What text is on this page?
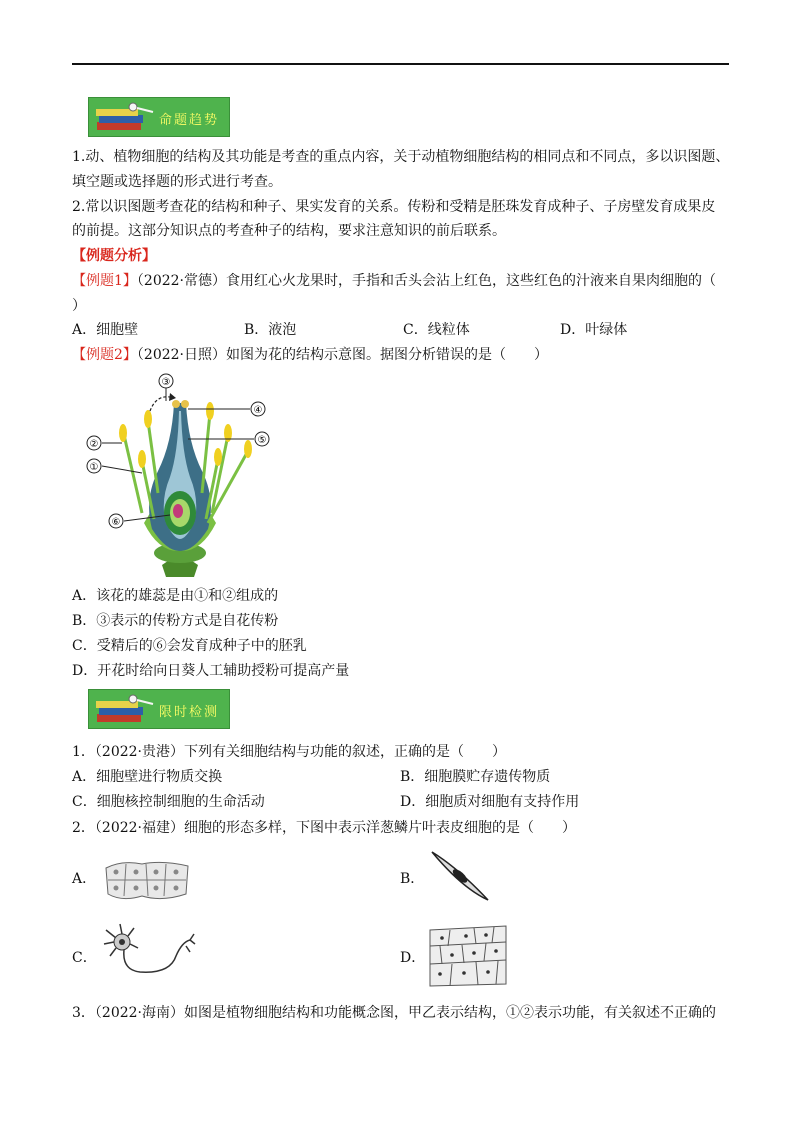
命题趋势
1.动、植物细胞的结构及其功能是考查的重点内容，关于动植物细胞结构的相同点和不同点，多以识图题、
填空题或选择题的形式进行考查。
2.常以识图题考查花的结构和种子、果实发育的关系。传粉和受精是胚珠发育成种子、子房壁发育成果皮
的前提。这部分知识点的考查种子的结构，要求注意知识的前后联系。
【例题分析】
【例题1】（2022·常德）食用红心火龙果时，手指和舌头会沾上红色，这些红色的汁液来自果肉细胞的（
）
A．细胞壁	B．液泡	C．线粒体	D．叶绿体
【例题2】（2022·日照）如图为花的结构示意图。据图分析错误的是（　　）
③
④
②	⑤
①
⑥
A．该花的雄蕊是由①和②组成的
B．③表示的传粉方式是自花传粉
C．受精后的⑥会发育成种子中的胚乳
D．开花时给向日葵人工辅助授粉可提高产量
限时检测
1．（2022·贵港）下列有关细胞结构与功能的叙述，正确的是（　　）
A．细胞壁进行物质交换	B．细胞膜贮存遗传物质
C．细胞核控制细胞的生命活动	D．细胞质对细胞有支持作用
2．（2022·福建）细胞的形态多样，下图中表示洋葱鳞片叶表皮细胞的是（　　）
A．	B．
C．	D．
3．（2022·海南）如图是植物细胞结构和功能概念图，甲乙表示结构，①②表示功能，有关叙述不正确的
